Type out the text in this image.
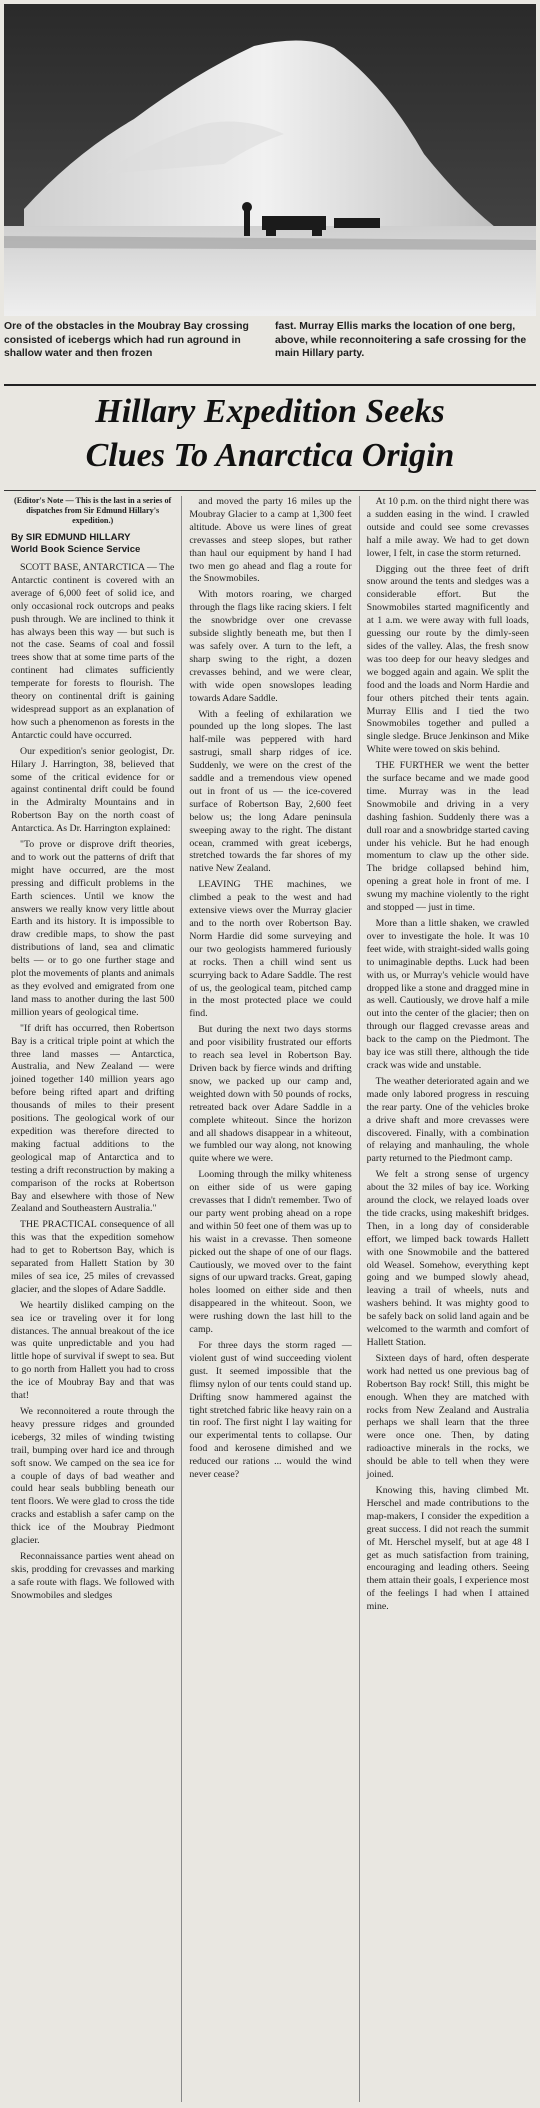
Ore of the obstacles in the Moubray Bay crossing consisted of icebergs which had run aground in shallow water and then frozen
fast. Murray Ellis marks the location of one berg, above, while reconnoitering a safe crossing for the main Hillary party.
Hillary Expedition Seeks
Clues To Anarctica Origin
(Editor's Note — This is the last in a series of dispatches from Sir Edmund Hillary's expedition.)
By SIR EDMUND HILLARY
World Book Science Service

SCOTT BASE, ANTARCTICA — The Antarctic continent is covered with an average of 6,000 feet of solid ice, and only occasional rock outcrops and peaks push through. We are inclined to think it has always been this way — but such is not the case. Seams of coal and fossil trees show that at some time parts of the continent had climates sufficiently temperate for forests to flourish. The theory on continental drift is gaining widespread support as an explanation of how such a phenomenon as forests in the Antarctic could have occurred.

Our expedition's senior geologist, Dr. Hilary J. Harrington, 38, believed that some of the critical evidence for or against continental drift could be found in the Admiralty Mountains and in Robertson Bay on the north coast of Antarctica. As Dr. Harrington explained:

"To prove or disprove drift theories, and to work out the patterns of drift that might have occurred, are the most pressing and difficult problems in the Earth sciences. Until we know the answers we really know very little about Earth and its history. It is impossible to draw credible maps, to show the past distributions of land, sea and climatic belts — or to go one further stage and plot the movements of plants and animals as they evolved and emigrated from one land mass to another during the last 500 million years of geological time.

"If drift has occurred, then Robertson Bay is a critical triple point at which the three land masses — Antarctica, Australia, and New Zealand — were joined together 140 million years ago before being rifted apart and drifting thousands of miles to their present positions. The geological work of our expedition was therefore directed to making factual additions to the geological map of Antarctica and to testing a drift reconstruction by making a comparison of the rocks at Robertson Bay and elsewhere with those of New Zealand and Southeastern Australia."

THE PRACTICAL consequence of all this was that the expedition somehow had to get to Robertson Bay, which is separated from Hallett Station by 30 miles of sea ice, 25 miles of crevassed glacier, and the slopes of Adare Saddle.

We heartily disliked camping on the sea ice or traveling over it for long distances. The annual breakout of the ice was quite unpredictable and you had little hope of survival if swept to sea. But to go north from Hallett you had to cross the ice of Moubray Bay and that was that!

We reconnoitered a route through the heavy pressure ridges and grounded icebergs, 32 miles of winding twisting trail, bumping over hard ice and through soft snow. We camped on the sea ice for a couple of days of bad weather and could hear seals bubbling beneath our tent floors. We were glad to cross the tide cracks and establish a safer camp on the thick ice of the Moubray Piedmont glacier.

Reconnaissance parties went ahead on skis, prodding for crevasses and marking a safe route with flags. We followed with Snowmobiles and sledges

and moved the party 16 miles up the Moubray Glacier to a camp at 1,300 feet altitude. Above us were lines of great crevasses and steep slopes, but rather than haul our equipment by hand I had two men go ahead and flag a route for the Snowmobiles.

With motors roaring, we charged through the flags like racing skiers. I felt the snowbridge over one crevasse subside slightly beneath me, but then I was safely over. A turn to the left, a sharp swing to the right, a dozen crevasses behind, and we were clear, with wide open snowslopes leading towards Adare Saddle.

With a feeling of exhilaration we pounded up the long slopes. The last half-mile was peppered with hard sastrugi, small sharp ridges of ice. Suddenly, we were on the crest of the saddle and a tremendous view opened out in front of us — the ice-covered surface of Robertson Bay, 2,600 feet below us; the long Adare peninsula sweeping away to the right. The distant ocean, crammed with great icebergs, stretched towards the far shores of my native New Zealand.

LEAVING THE machines, we climbed a peak to the west and had extensive views over the Murray glacier and to the north over Robertson Bay. Norm Hardie did some surveying and our two geologists hammered furiously at rocks. Then a chill wind sent us scurrying back to Adare Saddle. The rest of us, the geological team, pitched camp in the most protected place we could find.

But during the next two days storms and poor visibility frustrated our efforts to reach sea level in Robertson Bay. Driven back by fierce winds and drifting snow, we packed up our camp and, weighted down with 50 pounds of rocks, retreated back over Adare Saddle in a complete whiteout. Since the horizon and all shadows disappear in a whiteout, we fumbled our way along, not knowing quite where we were.

Looming through the milky whiteness on either side of us were gaping crevasses that I didn't remember. Two of our party went probing ahead on a rope and within 50 feet one of them was up to his waist in a crevasse. Then someone picked out the shape of one of our flags. Cautiously, we moved over to the faint signs of our upward tracks. Great, gaping holes loomed on either side and then disappeared in the whiteout. Soon, we were rushing down the last hill to the camp.

For three days the storm raged — violent gust of wind succeeding violent gust. It seemed impossible that the flimsy nylon of our tents could stand up. Drifting snow hammered against the tight stretched fabric like heavy rain on a tin roof. The first night I lay waiting for our experimental tents to collapse. Our food and kerosene dimished and we reduced our rations ... would the wind never cease?

At 10 p.m. on the third night there was a sudden easing in the wind. I crawled outside and could see some crevasses half a mile away. We had to get down lower, I felt, in case the storm returned.

Digging out the three feet of drift snow around the tents and sledges was a considerable effort. But the Snowmobiles started magnificently and at 1 a.m. we were away with full loads, guessing our route by the dimly-seen sides of the valley. Alas, the fresh snow was too deep for our heavy sledges and we bogged again and again. We split the food and the loads and Norm Hardie and four others pitched their tents again. Murray Ellis and I tied the two Snowmobiles together and pulled a single sledge. Bruce Jenkinson and Mike White were towed on skis behind.

THE FURTHER we went the better the surface became and we made good time. Murray was in the lead Snowmobile and driving in a very dashing fashion. Suddenly there was a dull roar and a snowbridge started caving under his vehicle. But he had enough momentum to claw up the other side. The bridge collapsed behind him, opening a great hole in front of me. I swung my machine violently to the right and stopped — just in time.

More than a little shaken, we crawled over to investigate the hole. It was 10 feet wide, with straight-sided walls going to unimaginable depths. Luck had been with us, or Murray's vehicle would have dropped like a stone and dragged mine in as well. Cautiously, we drove half a mile out into the center of the glacier; then on through our flagged crevasse areas and back to the camp on the Piedmont. The bay ice was still there, although the tide crack was wide and unstable.

The weather deteriorated again and we made only labored progress in rescuing the rear party. One of the vehicles broke a drive shaft and more crevasses were discovered. Finally, with a combination of relaying and manhauling, the whole party returned to the Piedmont camp.

We felt a strong sense of urgency about the 32 miles of bay ice. Working around the clock, we relayed loads over the tide cracks, using makeshift bridges. Then, in a long day of considerable effort, we limped back towards Hallett with one Snowmobile and the battered old Weasel. Somehow, everything kept going and we bumped slowly ahead, leaving a trail of wheels, nuts and washers behind. It was mighty good to be safely back on solid land again and be welcomed to the warmth and comfort of Hallett Station.

Sixteen days of hard, often desperate work had netted us one previous bag of Robertson Bay rock! Still, this might be enough. When they are matched with rocks from New Zealand and Australia perhaps we shall learn that the three were once one. Then, by dating radioactive minerals in the rocks, we should be able to tell when they were joined.

Knowing this, having climbed Mt. Herschel and made contributions to the map-makers, I consider the expedition a great success. I did not reach the summit of Mt. Herschel myself, but at age 48 I get as much satisfaction from training, encouraging and leading others. Seeing them attain their goals, I experience most of the feelings I had when I attained mine.
